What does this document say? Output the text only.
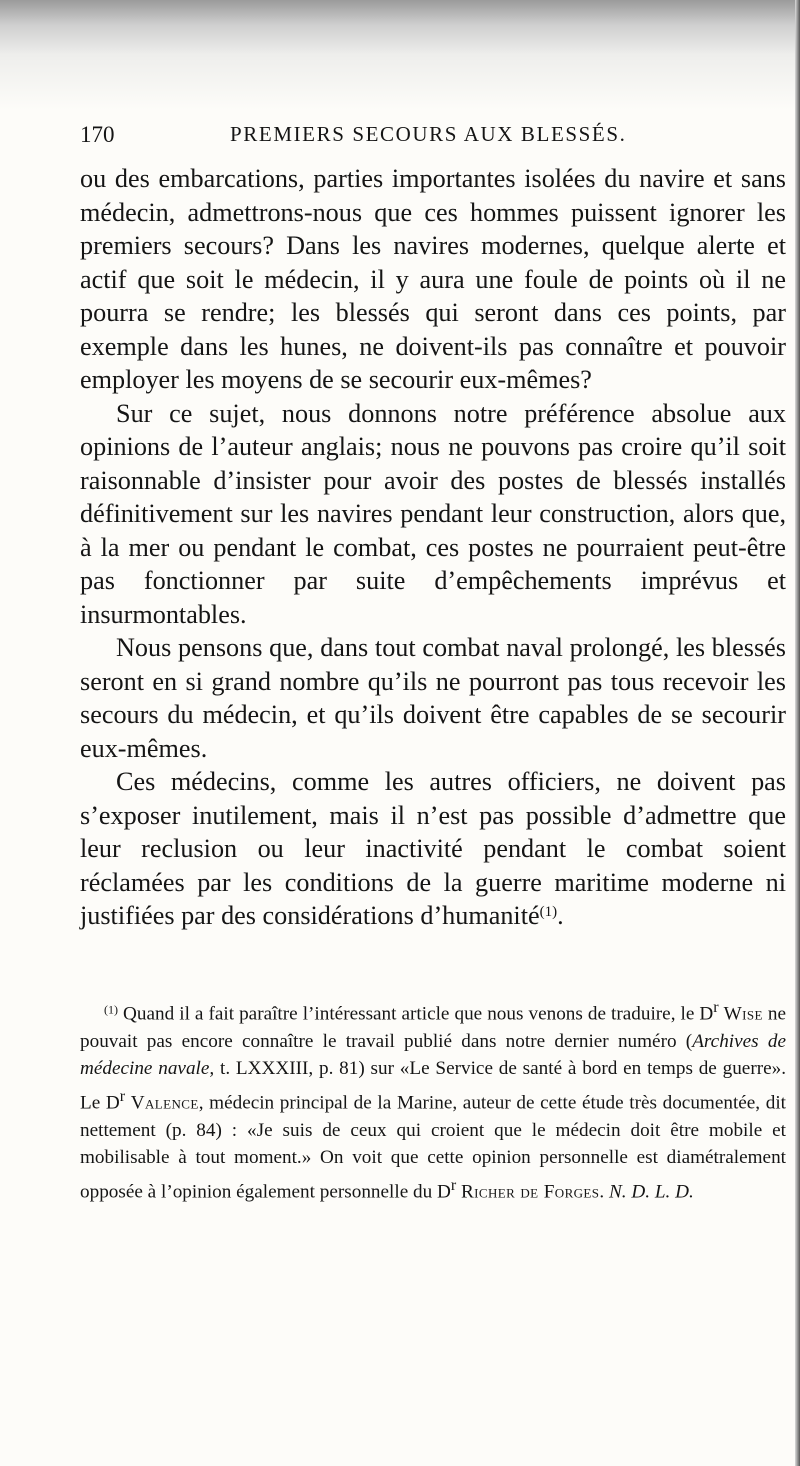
170	PREMIERS SECOURS AUX BLESSÉS.

ou des embarcations, parties importantes isolées du navire et sans médecin, admettrons-nous que ces hommes puissent ignorer les premiers secours? Dans les navires modernes, quelque alerte et actif que soit le médecin, il y aura une foule de points où il ne pourra se rendre; les blessés qui seront dans ces points, par exemple dans les hunes, ne doivent-ils pas connaître et pouvoir employer les moyens de se secourir eux-mêmes?

Sur ce sujet, nous donnons notre préférence absolue aux opinions de l’auteur anglais; nous ne pouvons pas croire qu’il soit raisonnable d’insister pour avoir des postes de blessés installés définitivement sur les navires pendant leur construction, alors que, à la mer ou pendant le combat, ces postes ne pourraient peut-être pas fonctionner par suite d’empêchements imprévus et insurmontables.

Nous pensons que, dans tout combat naval prolongé, les blessés seront en si grand nombre qu’ils ne pourront pas tous recevoir les secours du médecin, et qu’ils doivent être capables de se secourir eux-mêmes.

Ces médecins, comme les autres officiers, ne doivent pas s’exposer inutilement, mais il n’est pas possible d’admettre que leur reclusion ou leur inactivité pendant le combat soient réclamées par les conditions de la guerre maritime moderne ni justifiées par des considérations d’humanité$^{(1)}$.

$^{(1)}$ Quand il a fait paraître l’intéressant article que nous venons de traduire, le $D^r$ Wise ne pouvait pas encore connaître le travail publié dans notre dernier numéro (Archives de médecine navale, t. LXXXIII, p. 81) sur «Le Service de santé à bord en temps de guerre». Le $D^r$ Valence, médecin principal de la Marine, auteur de cette étude très documentée, dit nettement (p. 84) : «Je suis de ceux qui croient que le médecin doit être mobile et mobilisable à tout moment.» On voit que cette opinion personnelle est diamétralement opposée à l’opinion également personnelle du $D^r$ Richer de Forges. N. D. L. D.
